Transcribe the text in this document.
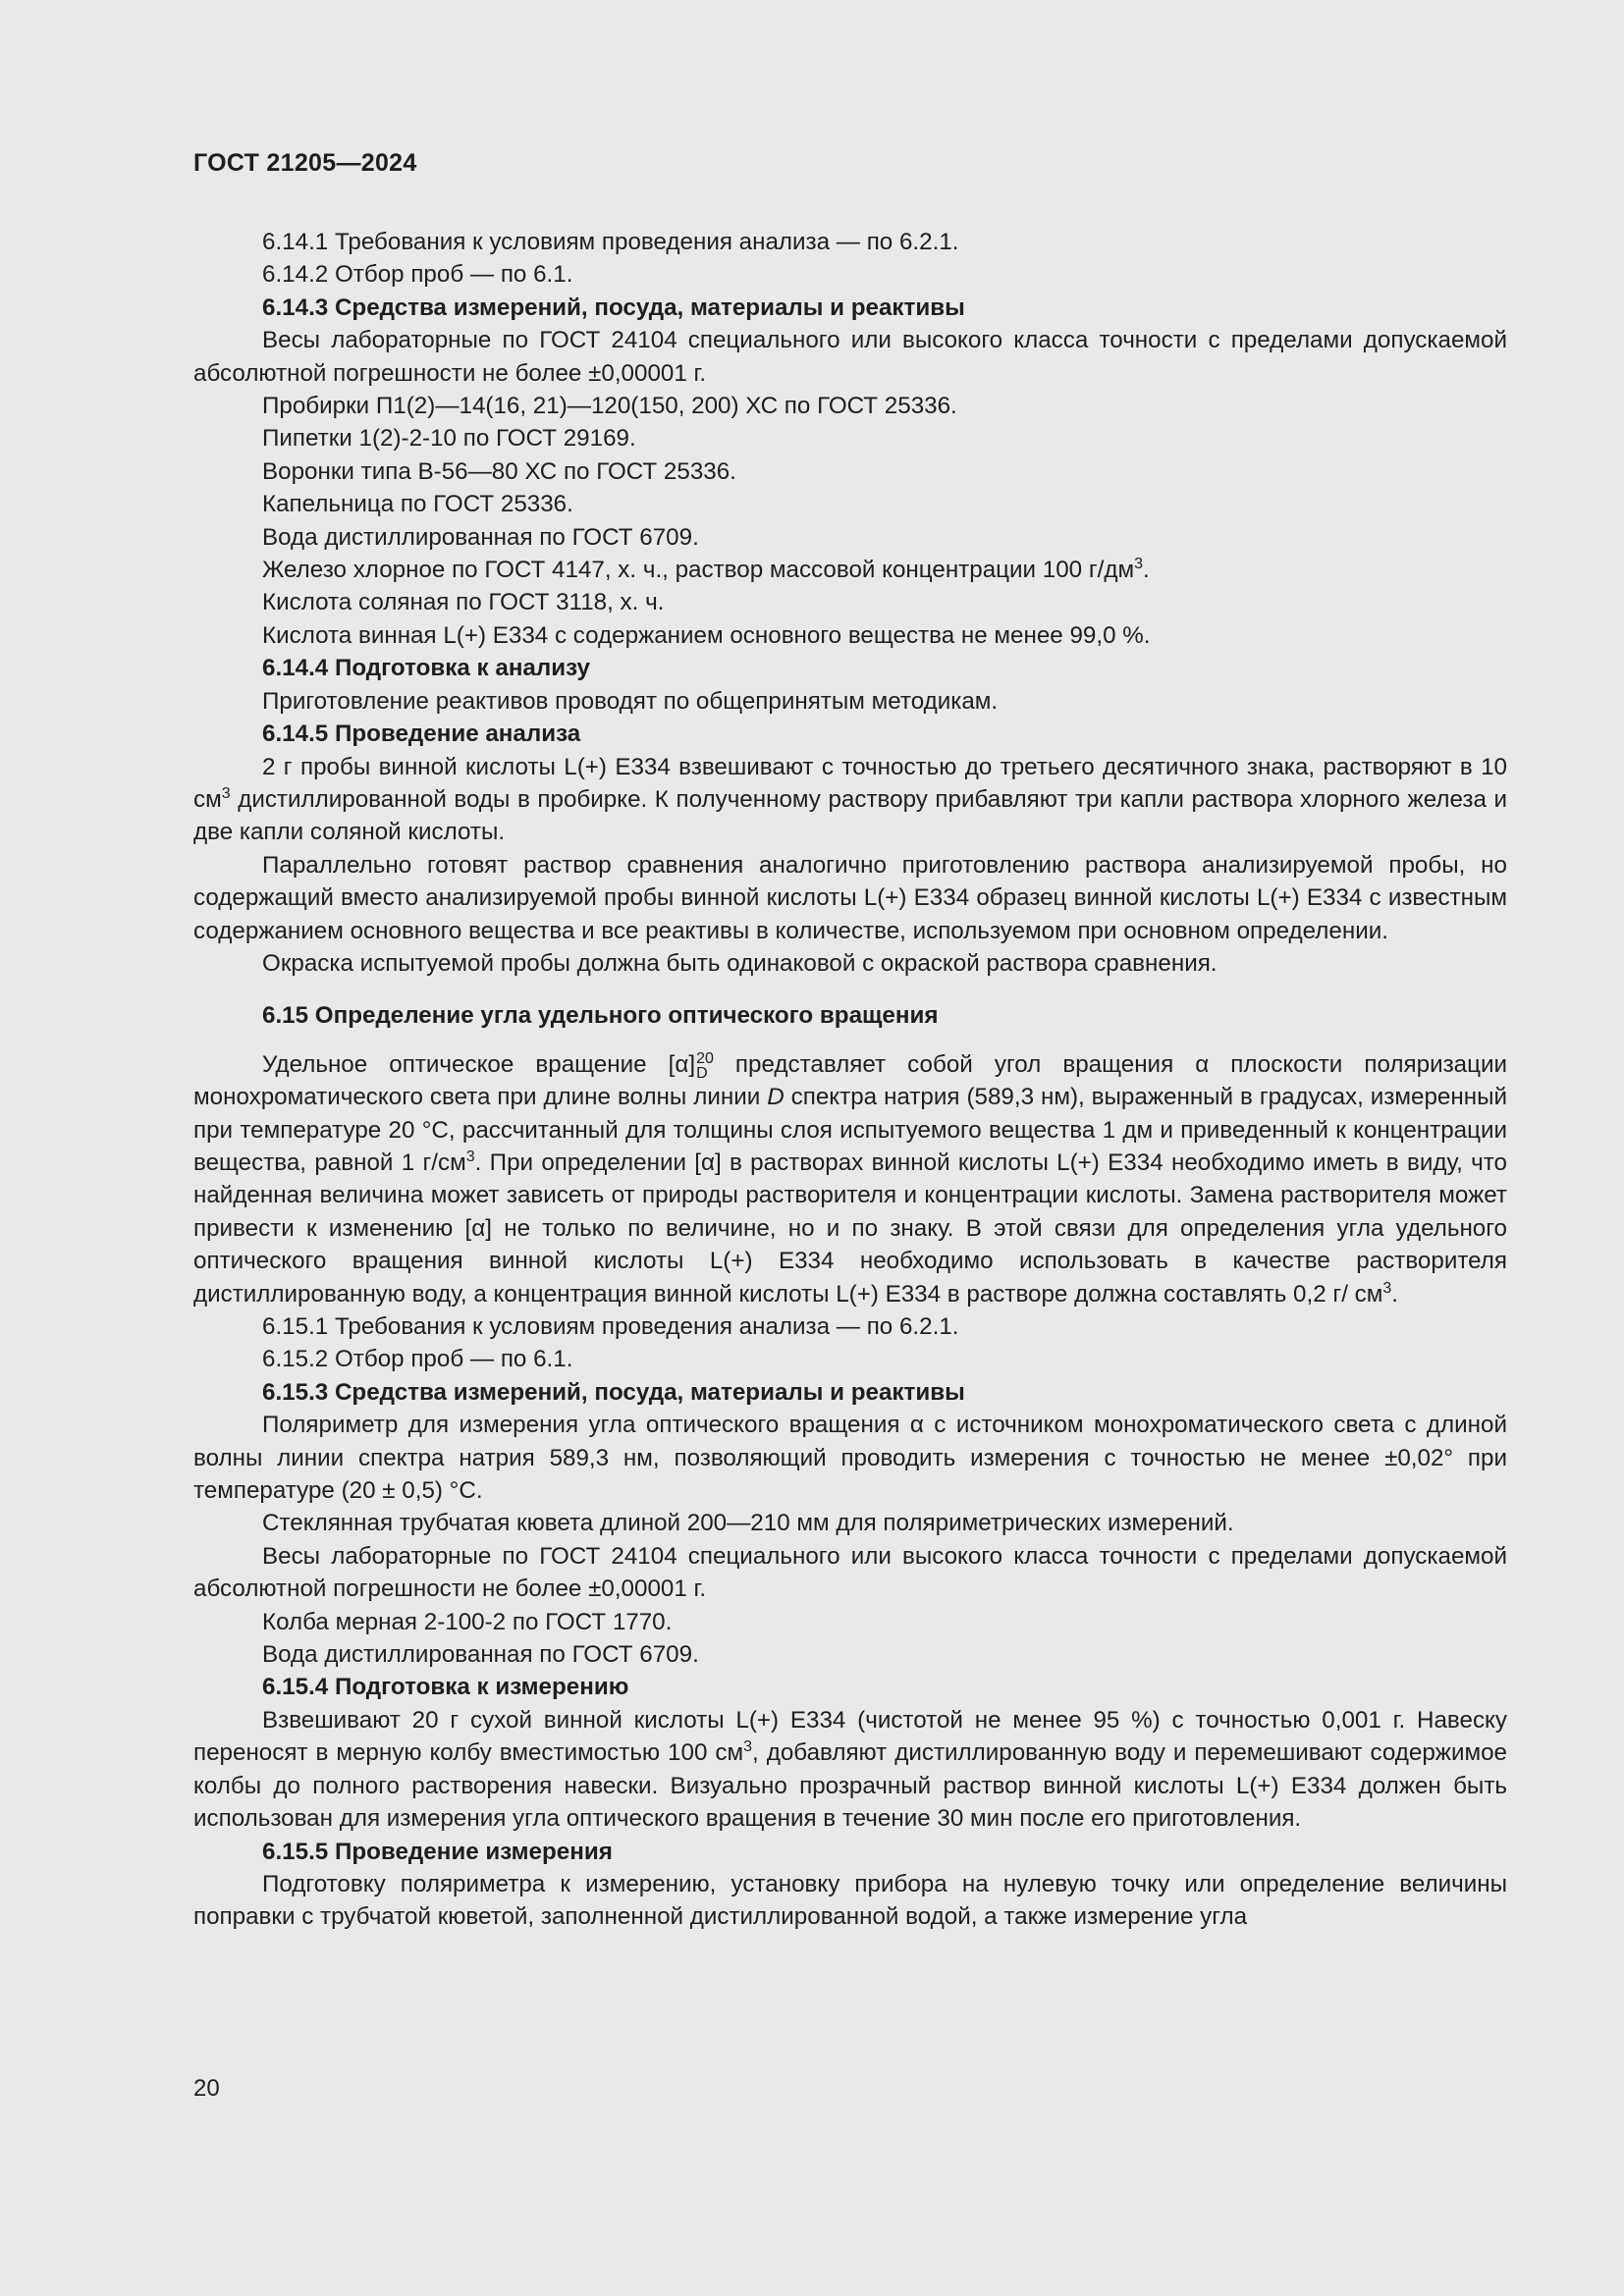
ГОСТ 21205—2024

6.14.1 Требования к условиям проведения анализа — по 6.2.1.

6.14.2 Отбор проб — по 6.1.

6.14.3 Средства измерений, посуда, материалы и реактивы

Весы лабораторные по ГОСТ 24104 специального или высокого класса точности с пределами допускаемой абсолютной погрешности не более ±0,00001 г.

Пробирки П1(2)—14(16, 21)—120(150, 200) ХС по ГОСТ 25336.

Пипетки 1(2)-2-10 по ГОСТ 29169.

Воронки типа В-56—80 ХС по ГОСТ 25336.

Капельница по ГОСТ 25336.

Вода дистиллированная по ГОСТ 6709.

Железо хлорное по ГОСТ 4147, х. ч., раствор массовой концентрации 100 $г/дм^3$.

Кислота соляная по ГОСТ 3118, х. ч.

Кислота винная L(+) Е334 с содержанием основного вещества не менее 99,0 %.

6.14.4 Подготовка к анализу

Приготовление реактивов проводят по общепринятым методикам.

6.14.5 Проведение анализа

2 г пробы винной кислоты L(+) Е334 взвешивают с точностью до третьего десятичного знака, растворяют в 10 $см^3$ дистиллированной воды в пробирке. К полученному раствору прибавляют три капли раствора хлорного железа и две капли соляной кислоты.

Параллельно готовят раствор сравнения аналогично приготовлению раствора анализируемой пробы, но содержащий вместо анализируемой пробы винной кислоты L(+) Е334 образец винной кислоты L(+) Е334 с известным содержанием основного вещества и все реактивы в количестве, используемом при основном определении.

Окраска испытуемой пробы должна быть одинаковой с окраской раствора сравнения.

6.15 Определение угла удельного оптического вращения

Удельное оптическое вращение [α] 20
D представляет собой угол вращения α плоскости поляризации монохроматического света при длине волны линии D спектра натрия (589,3 нм), выраженный в градусах, измеренный при температуре 20 °С, рассчитанный для толщины слоя испытуемого вещества 1 дм и приведенный к концентрации вещества, равной 1 $г/см^3$. При определении [α] в растворах винной кислоты L(+) Е334 необходимо иметь в виду, что найденная величина может зависеть от природы растворителя и концентрации кислоты. Замена растворителя может привести к изменению [α] не только по величине, но и по знаку. В этой связи для определения угла удельного оптического вращения винной кислоты L(+) Е334 необходимо использовать в качестве растворителя дистиллированную воду, а концентрация винной кислоты L(+) Е334 в растворе должна составлять 0,2 г/ $см^3$.

6.15.1 Требования к условиям проведения анализа — по 6.2.1.

6.15.2 Отбор проб — по 6.1.

6.15.3 Средства измерений, посуда, материалы и реактивы

Поляриметр для измерения угла оптического вращения α с источником монохроматического света с длиной волны линии спектра натрия 589,3 нм, позволяющий проводить измерения с точностью не менее ±0,02° при температуре (20 ± 0,5) °С.

Стеклянная трубчатая кювета длиной 200—210 мм для поляриметрических измерений.

Весы лабораторные по ГОСТ 24104 специального или высокого класса точности с пределами допускаемой абсолютной погрешности не более ±0,00001 г.

Колба мерная 2-100-2 по ГОСТ 1770.

Вода дистиллированная по ГОСТ 6709.

6.15.4 Подготовка к измерению

Взвешивают 20 г сухой винной кислоты L(+) Е334 (чистотой не менее 95 %) с точностью 0,001 г. Навеску переносят в мерную колбу вместимостью 100 $см^3$, добавляют дистиллированную воду и перемешивают содержимое колбы до полного растворения навески. Визуально прозрачный раствор винной кислоты L(+) Е334 должен быть использован для измерения угла оптического вращения в течение 30 мин после его приготовления.

6.15.5 Проведение измерения

Подготовку поляриметра к измерению, установку прибора на нулевую точку или определение величины поправки с трубчатой кюветой, заполненной дистиллированной водой, а также измерение угла

20
